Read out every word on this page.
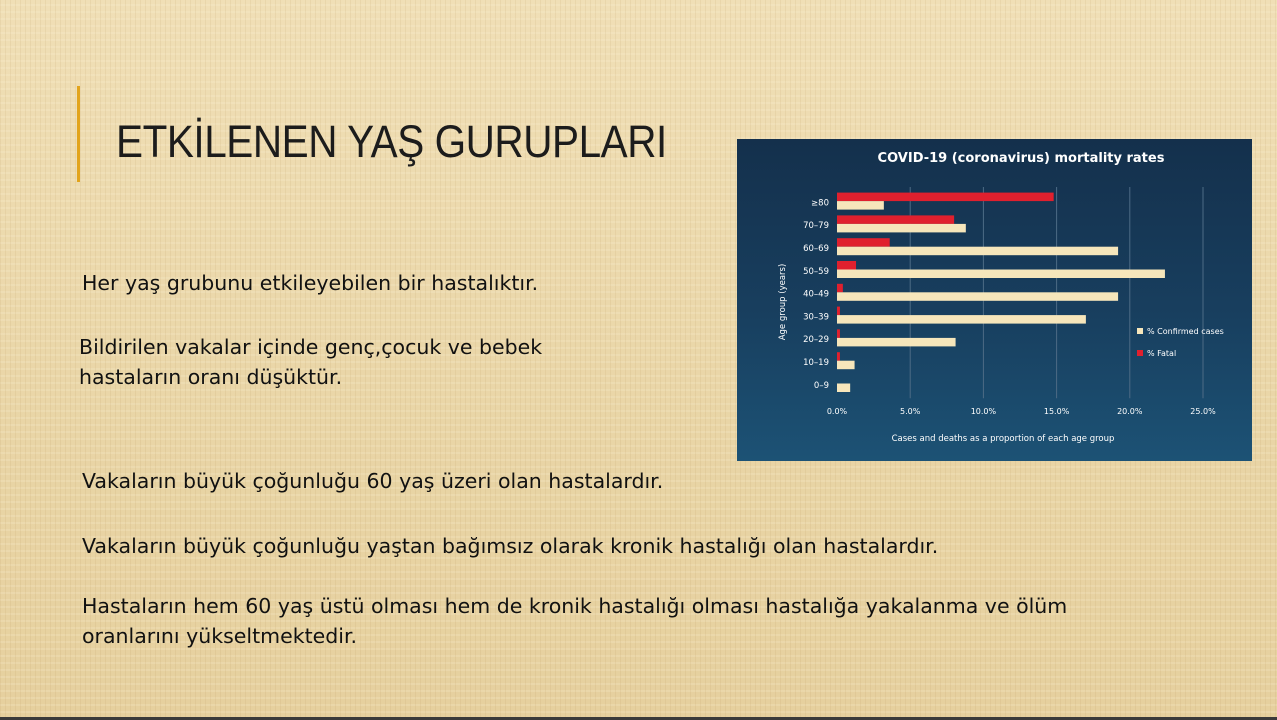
ETKİLENEN YAŞ GURUPLARI

Her yaş grubunu etkileyebilen bir hastalıktır.

Bildirilen vakalar içinde genç,çocuk ve bebek
hastaların oranı düşüktür.

Vakaların büyük çoğunluğu 60 yaş üzeri olan hastalardır.

Vakaların büyük çoğunluğu yaştan bağımsız olarak kronik hastalığı olan hastalardır.

Hastaların hem 60 yaş üstü olması hem de kronik hastalığı olması hastalığa yakalanma ve ölüm
oranlarını yükseltmektedir.

COVID-19 (coronavirus) mortality rates
≥80
70–79
60–69
50–59
40–49
30–39
20–29
10–19
0–9
0.0%	5.0%	10.0%	15.0%	20.0%	25.0%
Cases and deaths as a proportion of each age group
Age group (years)	% Confirmed cases
% Fatal
